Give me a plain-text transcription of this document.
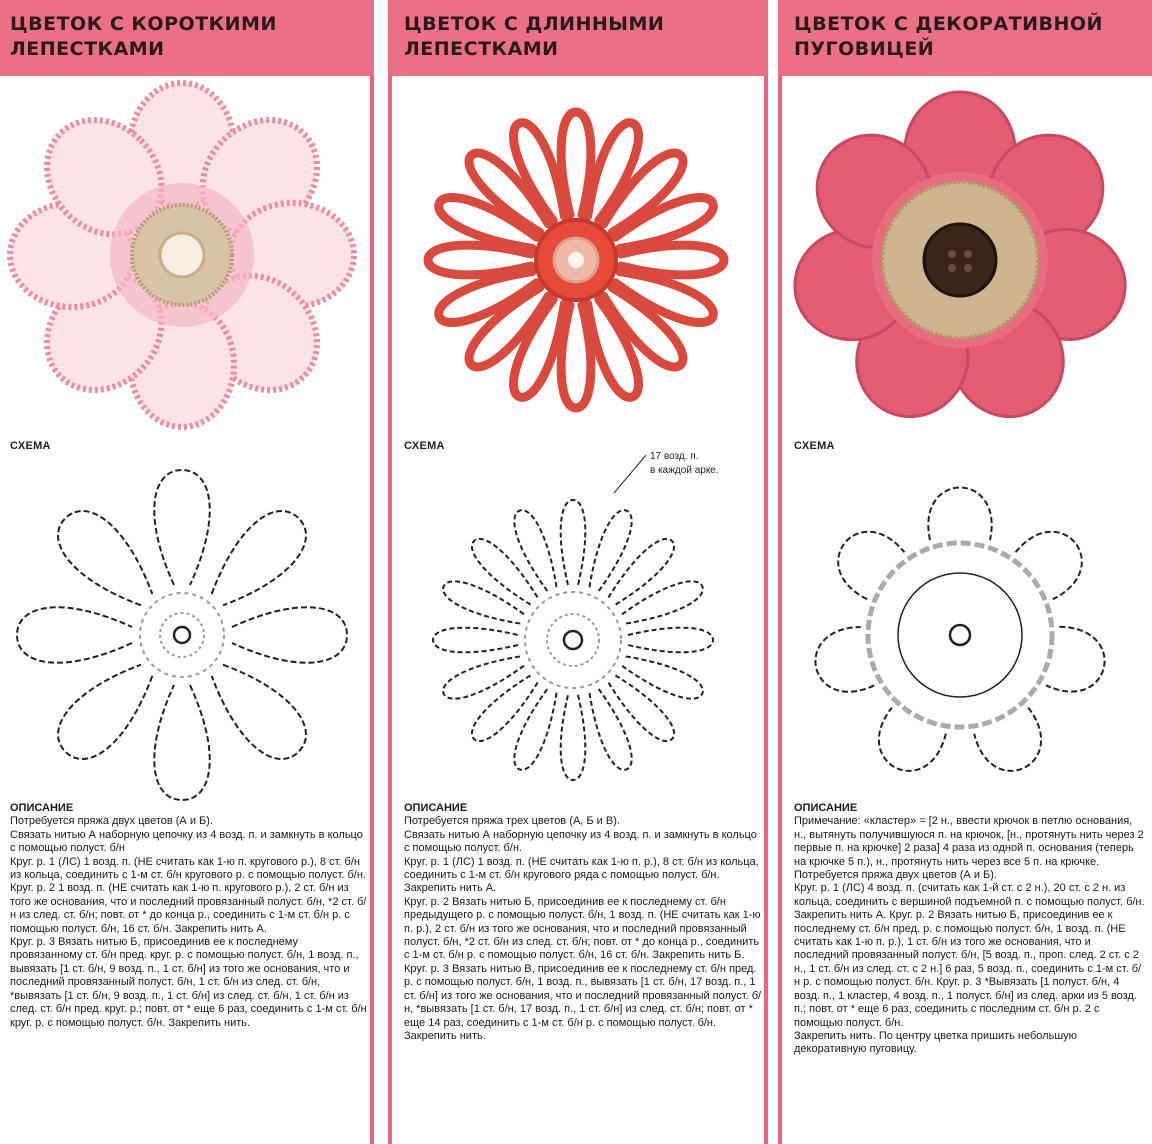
ЦВЕТОК С КОРОТКИМИ
ЛЕПЕСТКАМИ
СХЕМА
ОПИСАНИЕ

Потребуется пряжа двух цветов (А и Б).

Связать нитью А наборную цепочку из 4 возд. п. и замкнуть в кольцо с помощью полуст. б/н

Круг. р. 1 (ЛС) 1 возд. п. (НЕ считать как 1-ю п. кругового р.), 8 ст. б/н из кольца, соединить с 1-м ст. б/н кругового р. с помощью полуст. б/н.

Круг. р. 2 1 возд. п. (НЕ считать как 1-ю п. кругового р.), 2 ст. б/н из того же основания, что и последний провязанный полуст. б/н, *2 ст. б/н из след. ст. б/н; повт. от * до конца р., соединить с 1-м ст. б/н р. с помощью полуст. б/н, 16 ст. б/н. Закрепить нить А.

Круг. р. 3 Вязать нитью Б, присоединив ее к последнему провязанному ст. б/н пред. круг. р. с помощью полуст. б/н, 1 возд. п., вывязать [1 ст. б/н, 9 возд. п., 1 ст. б/н] из того же основания, что и последний провязанный полуст. б/н, 1 ст. б/н из след. ст. б/н, *вывязать [1 ст. б/н, 9 возд. п., 1 ст. б/н] из след. ст. б/н, 1 ст. б/н из след. ст. б/н пред. круг. р.; повт. от * еще 6 раз, соединить с 1-м ст. б/н круг. р. с помощью полуст. б/н. Закрепить нить.

ЦВЕТОК С ДЛИННЫМИ
ЛЕПЕСТКАМИ
СХЕМА
17 возд. п.
в каждой арке.
ОПИСАНИЕ

Потребуется пряжа трех цветов (А, Б и В).

Связать нитью А наборную цепочку из 4 возд. п. и замкнуть в кольцо с помощью полуст. б/н.

Круг. р. 1 (ЛС) 1 возд. п. (НЕ считать как 1-ю п. р.), 8 ст. б/н из кольца, соединить с 1-м ст. б/н кругового ряда с помощью полуст. б/н. Закрепить нить А.

Круг. р. 2 Вязать нитью Б, присоединив ее к последнему ст. б/н предыдущего р. с помощью полуст. б/н, 1 возд. п. (НЕ считать как 1-ю п. р.), 2 ст. б/н из того же основания, что и последний провязанный полуст. б/н, *2 ст. б/н из след. ст. б/н; повт. от * до конца р., соединить с 1-м ст. б/н р. с помощью полуст. б/н, 16 ст. б/н. Закрепить нить Б.

Круг. р. 3 Вязать нитью В, присоединив ее к последнему ст. б/н пред. р. с помощью полуст. б/н, 1 возд. п., вывязать [1 ст. б/н, 17 возд. п., 1 ст. б/н] из того же основания, что и последний провязанный полуст. б/н, *вывязать [1 ст. б/н, 17 возд. п., 1 ст. б/н] из след. ст. б/н; повт. от * еще 14 раз, соединить с 1-м ст. б/н р. с помощью полуст. б/н. Закрепить нить.

ЦВЕТОК С ДЕКОРАТИВНОЙ
ПУГОВИЦЕЙ
СХЕМА
ОПИСАНИЕ

Примечание: «кластер» = [2 н., ввести крючок в петлю основания, н., вытянуть получившуюся п. на крючок, [н., протянуть нить через 2 первые п. на крючке] 2 раза] 4 раза из одной п. основания (теперь на крючке 5 п.), н., протянуть нить через все 5 п. на крючке. Потребуется пряжа двух цветов (А и Б).

Круг. р. 1 (ЛС) 4 возд. п. (считать как 1-й ст. с 2 н.), 20 ст. с 2 н. из кольца, соединить с вершиной подъемной п. с помощью полуст. б/н. Закрепить нить А. Круг. р. 2 Вязать нитью Б, присоединив ее к последнему ст. б/н пред. р. с помощью полуст. б/н, 1 возд. п. (НЕ считать как 1-ю п. р.), 1 ст. б/н из того же основания, что и последний провязанный полуст. б/н, [5 возд. п., проп. след. 2 ст. с 2 н., 1 ст. б/н из след. ст. с 2 н.] 6 раз, 5 возд. п., соединить с 1-м ст. б/н р. с помощью полуст. б/н. Круг. р. 3 *Вывязать [1 полуст. б/н, 4 возд. п., 1 кластер, 4 возд. п., 1 полуст. б/н] из след. арки из 5 возд. п.; повт. от * еще 6 раз, соединить с последним ст. б/н р. 2 с помощью полуст. б/н.

Закрепить нить. По центру цветка пришить небольшую декоративную пуговицу.
